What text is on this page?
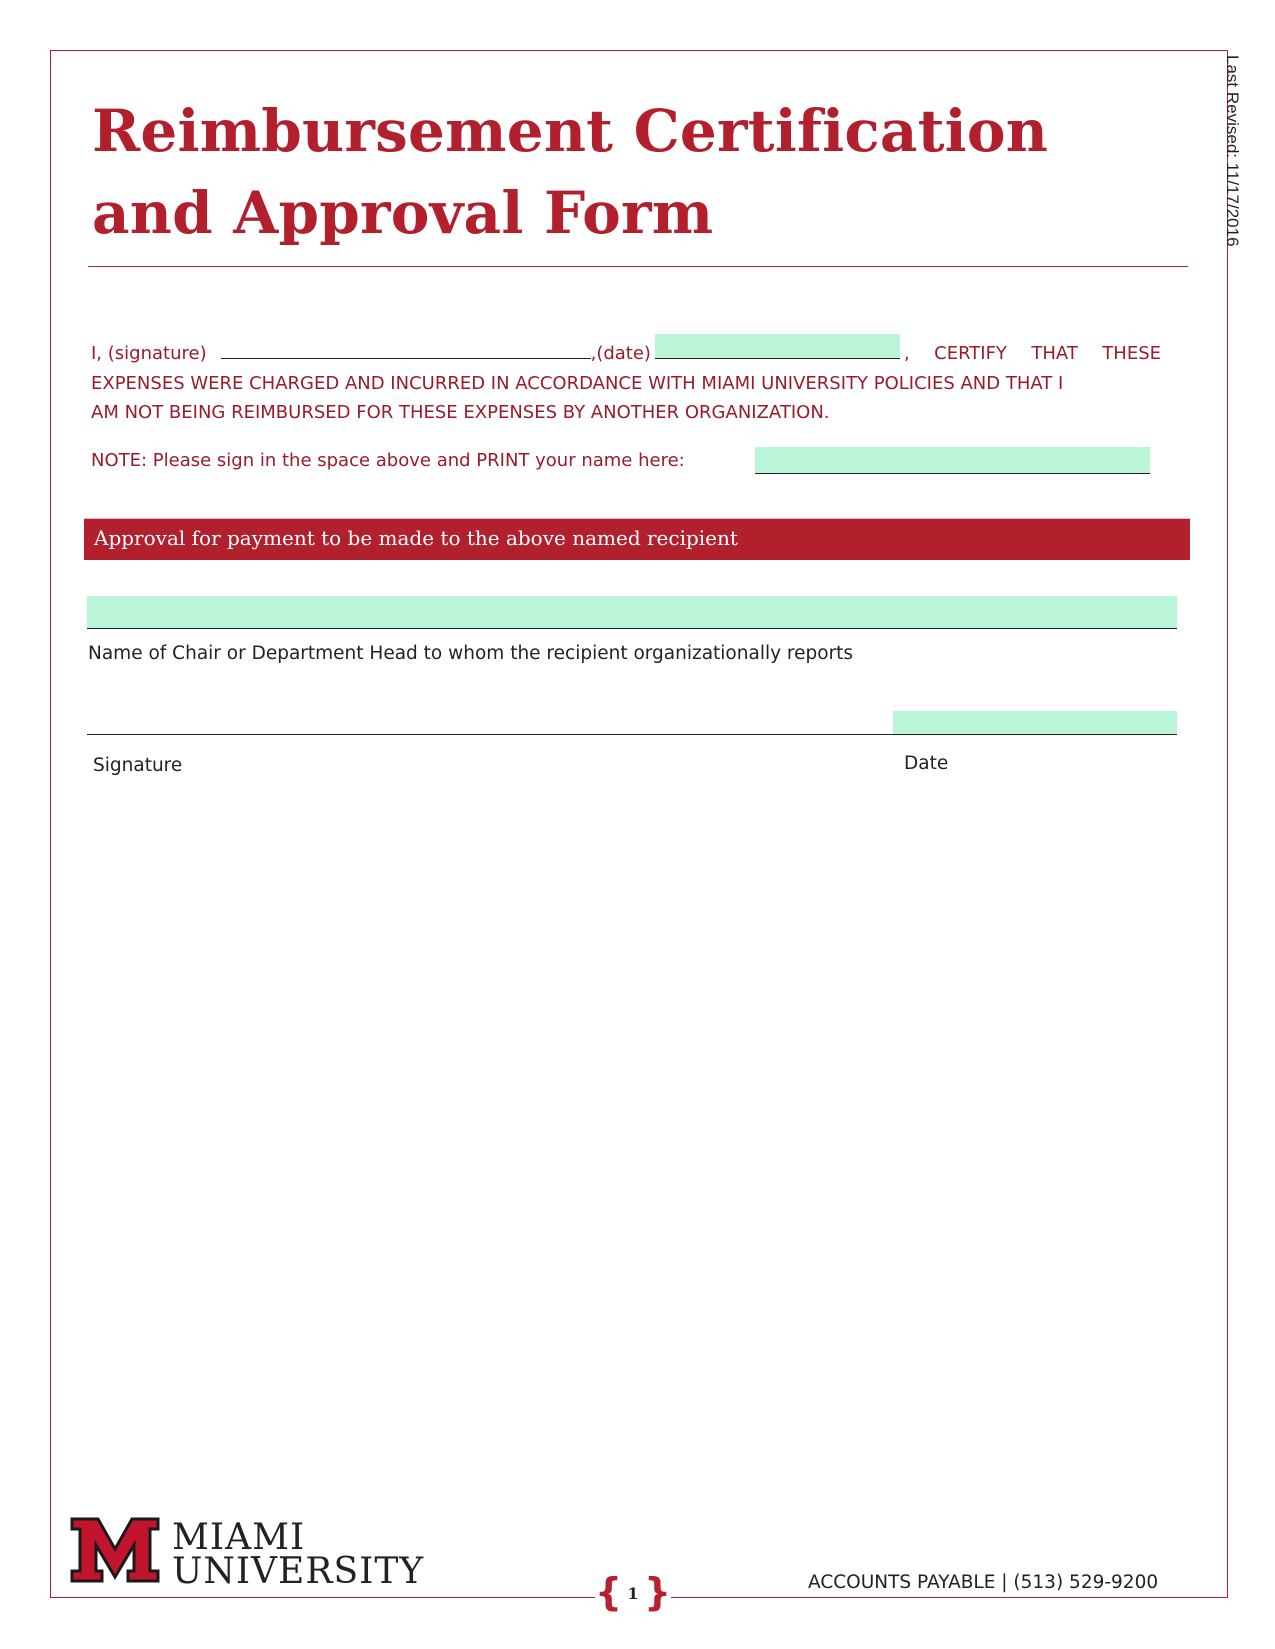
Reimbursement Certification and Approval Form	Last Revised: 11/17/2016
I, (signature)	,(date)	, CERTIFY THAT THESE
EXPENSES WERE CHARGED AND INCURRED IN ACCORDANCE WITH MIAMI UNIVERSITY POLICIES AND THAT I
AM NOT BEING REIMBURSED FOR THESE EXPENSES BY ANOTHER ORGANIZATION.
NOTE: Please sign in the space above and PRINT your name here:
Approval for payment to be made to the above named recipient
Name of Chair or Department Head to whom the recipient organizationally reports
Signature	Date
MIAMI
UNIVERSITY	{ 1 }	ACCOUNTS PAYABLE | (513) 529-9200
